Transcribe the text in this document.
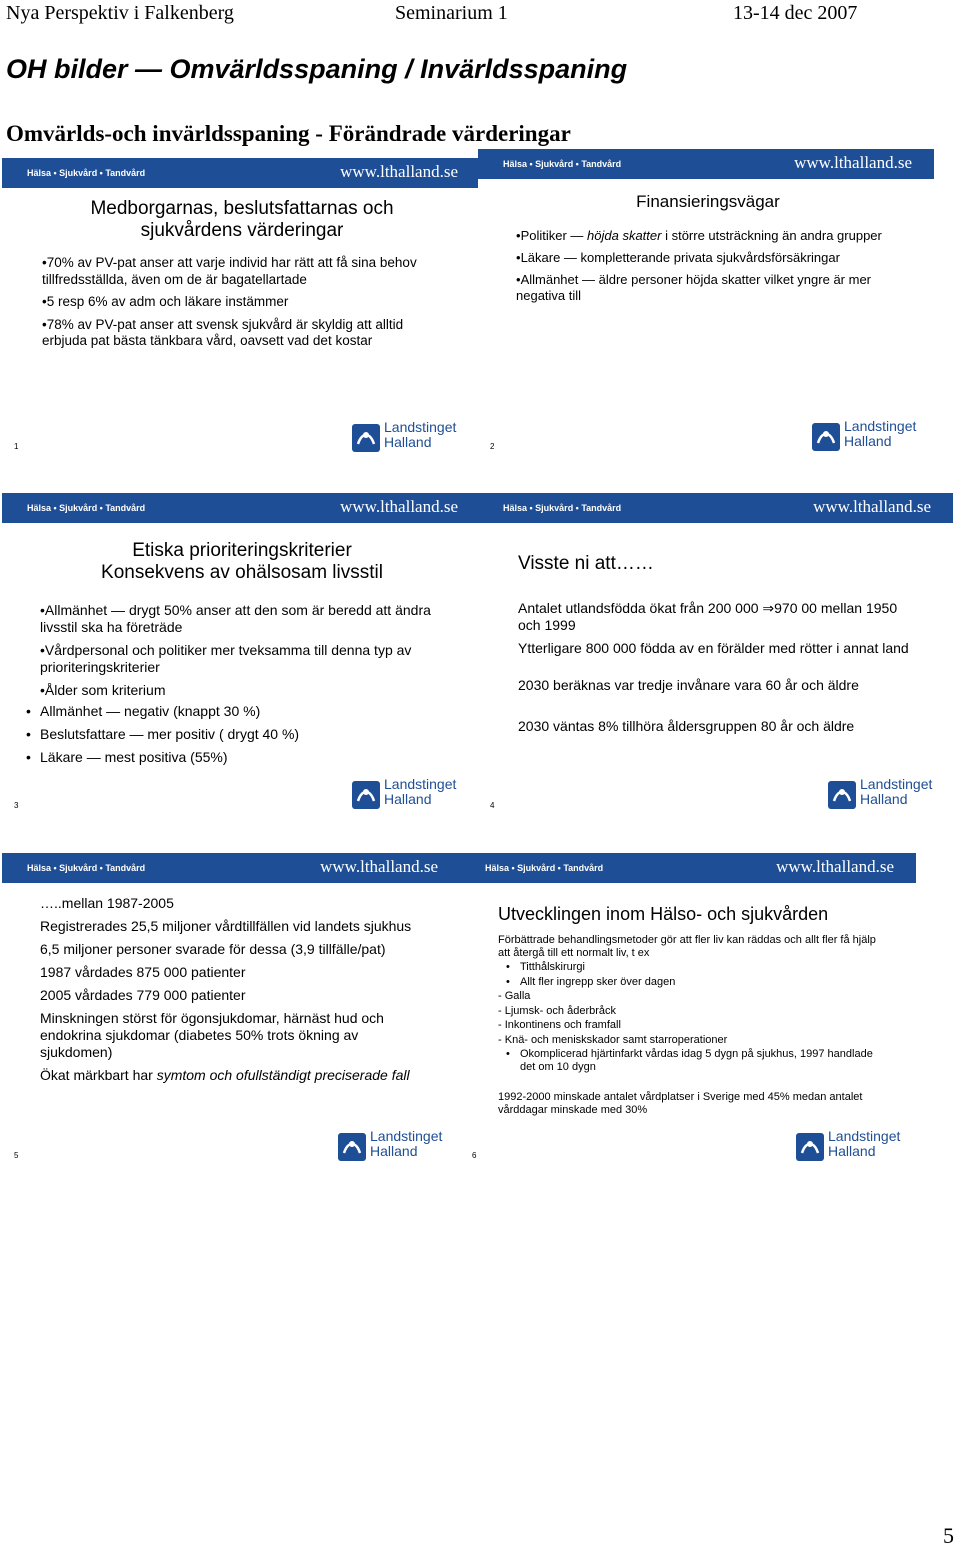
Nya Perspektiv i Falkenberg	Seminarium 1	13-14 dec 2007
OH bilder — Omvärldsspaning / Invärldsspaning
Omvärlds-och invärldsspaning - Förändrade värderingar
Hälsa • Sjukvård • Tandvård	www.lthalland.se
Medborgarnas, beslutsfattarnas och sjukvårdens värderingar
• 70% av PV-pat anser att varje individ har rätt att få sina behov tillfredsställda, även om de är bagatellartade
• 5 resp 6% av adm och läkare instämmer
• 78% av PV-pat anser att svensk sjukvård är skyldig att alltid erbjuda pat bästa tänkbara vård, oavsett vad det kostar
Landstinget
Halland
1
Hälsa • Sjukvård • Tandvård	www.lthalland.se
Finansieringsvägar
• Politiker — höjda skatter i större utsträckning än andra grupper
• Läkare — kompletterande privata sjukvårdsförsäkringar
• Allmänhet — äldre personer höjda skatter vilket yngre är mer negativa till
Landstinget
Halland
2
Hälsa • Sjukvård • Tandvård	www.lthalland.se
Etiska prioriteringskriterier
Konsekvens av ohälsosam livsstil
• Allmänhet — drygt 50% anser att den som är beredd att ändra livsstil ska ha företräde
• Vårdpersonal och politiker mer tveksamma till denna typ av prioriteringskriterier
• Ålder som kriterium
• Allmänhet — negativ (knappt 30 %)
• Beslutsfattare — mer positiv ( drygt 40 %)
• Läkare — mest positiva (55%)
Landstinget
Halland
3
Hälsa • Sjukvård • Tandvård	www.lthalland.se
Visste ni att……

Antalet utlandsfödda ökat från 200 000 ⇒970 00 mellan 1950 och 1999

Ytterligare 800 000 födda av en förälder med rötter i annat land

2030 beräknas var tredje invånare vara 60 år och äldre

2030 väntas 8% tillhöra åldersgruppen 80 år och äldre

Landstinget
Halland
4
Hälsa • Sjukvård • Tandvård	www.lthalland.se

…..mellan 1987-2005

Registrerades 25,5 miljoner vårdtillfällen vid landets sjukhus

6,5 miljoner personer svarade för dessa (3,9 tillfälle/pat)

1987 vårdades 875 000 patienter

2005 vårdades 779 000 patienter

Minskningen störst för ögonsjukdomar, härnäst hud och endokrina sjukdomar (diabetes 50% trots ökning av sjukdomen)

Ökat märkbart har symtom och ofullständigt preciserade fall

Landstinget
Halland
5
Hälsa • Sjukvård • Tandvård	www.lthalland.se
Utvecklingen inom Hälso- och sjukvården

Förbättrade behandlingsmetoder gör att fler liv kan räddas och allt fler få hjälp att återgå till ett normalt liv, t ex

• Titthålskirurgi
• Allt fler ingrepp sker över dagen
- Galla
- Ljumsk- och åderbråck
- Inkontinens och framfall
- Knä- och meniskskador samt starroperationer
• Okomplicerad hjärtinfarkt vårdas idag 5 dygn på sjukhus, 1997 handlade det om 10 dygn

1992-2000 minskade antalet vårdplatser i Sverige med 45% medan antalet vårddagar minskade med 30%

Landstinget
Halland
6
5
